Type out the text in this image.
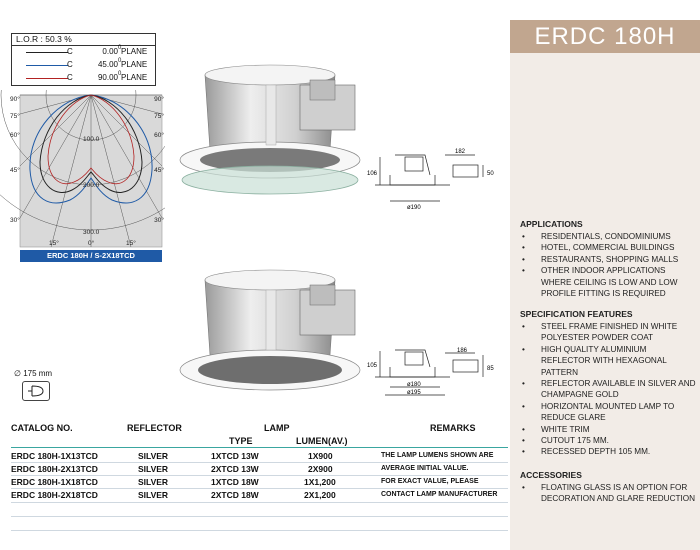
L.O.R : 50.3 %
C	0.00 0 PLANE
C	45.00 0 PLANE
C	90.00 0 PLANE
90°
75°
60°
45°
30°
90°
75°
60°
45°
30°
15°	0°	15°
100.0
200.0
300.0
ERDC 180H / S-2X18TCD
106
182
50
ø190
105
186
85
ø180
ø195
∅ 175 mm
CATALOG NO.	REFLECTOR	LAMP	REMARKS
TYPE	LUMEN(AV.)
ERDC 180H-1X13TCD	SILVER	1XTCD 13W	1X900	THE LAMP LUMENS SHOWN ARE
ERDC 180H-2X13TCD	SILVER	2XTCD 13W	2X900	AVERAGE INITIAL VALUE.
ERDC 180H-1X18TCD	SILVER	1XTCD 18W	1X1,200	FOR EXACT VALUE, PLEASE
ERDC 180H-2X18TCD	SILVER	2XTCD 18W	2X1,200	CONTACT LAMP MANUFACTURER
ERDC 180H
APPLICATIONS
• RESIDENTIALS, CONDOMINIUMS
• HOTEL, COMMERCIAL BUILDINGS
• RESTAURANTS, SHOPPING MALLS
• OTHER INDOOR APPLICATIONS WHERE CEILING IS LOW AND LOW PROFILE FITTING IS REQUIRED
SPECIFICATION FEATURES
• STEEL FRAME FINISHED IN WHITE POLYESTER POWDER COAT
• HIGH QUALITY ALUMINIUM REFLECTOR WITH HEXAGONAL PATTERN
• REFLECTOR AVAILABLE IN SILVER AND CHAMPAGNE GOLD
• HORIZONTAL MOUNTED LAMP TO REDUCE GLARE
• WHITE TRIM
• CUTOUT 175 MM.
• RECESSED DEPTH 105 MM.
ACCESSORIES
• FLOATING GLASS IS AN OPTION FOR DECORATION AND GLARE REDUCTION
